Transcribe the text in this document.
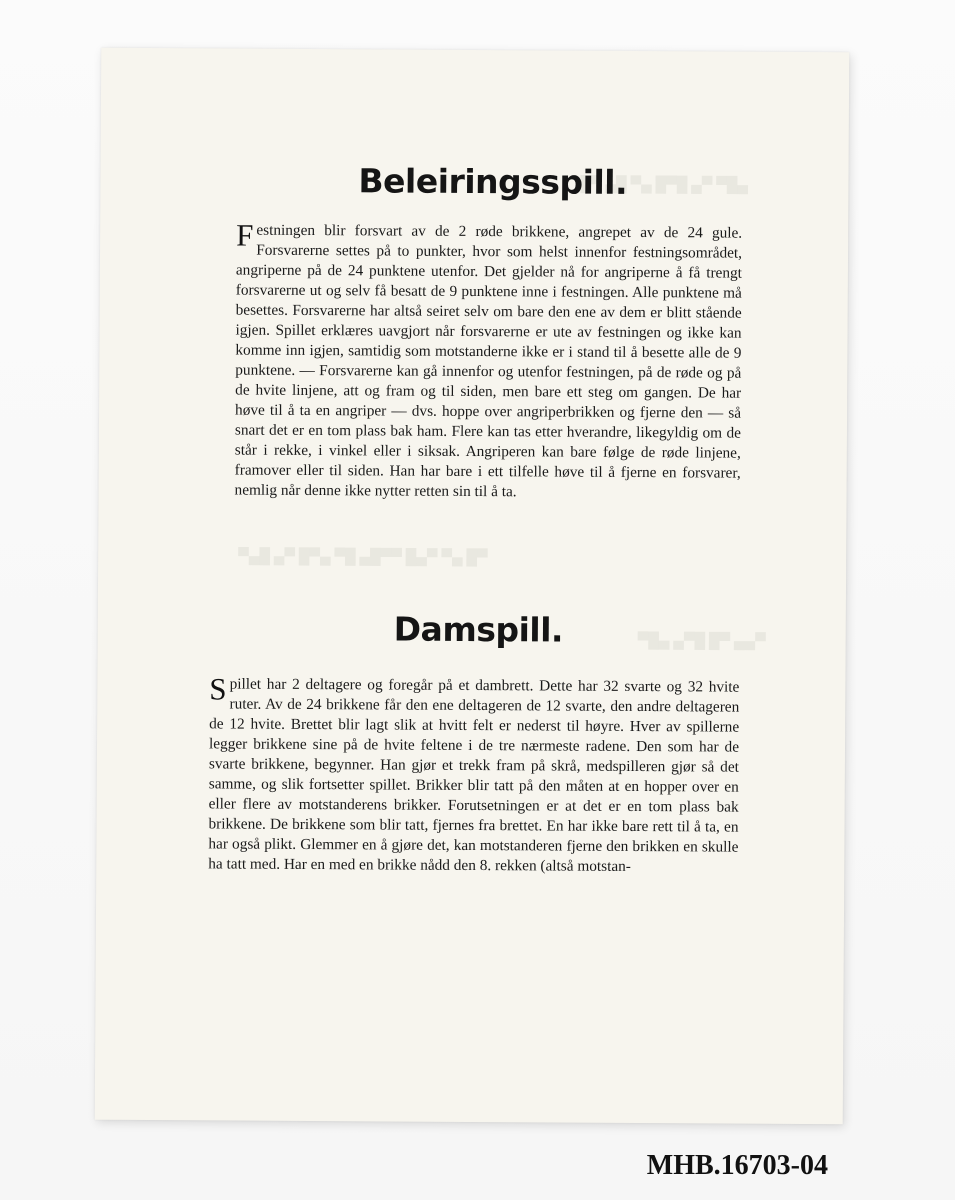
█▀ ▄█ ▀▄ █▀█ ▄▀ ▀█▄
▀▄█ ▄▀ █▀▄ ▀█ ▄█▀▀ █▄▀ ▀▄ █▀
▀█▄ ▄▀█ █▀ ▄▄▀
Beleiringsspill.

Festningen blir forsvart av de 2 røde brikkene, angrepet av de 24 gule. Forsvarerne settes på to punkter, hvor som helst innenfor festningsområdet, angriperne på de 24 punktene utenfor. Det gjelder nå for angriperne å få trengt forsvarerne ut og selv få besatt de 9 punktene inne i festningen. Alle punktene må besettes. Forsvarerne har altså seiret selv om bare den ene av dem er blitt stående igjen. Spillet erklæres uavgjort når forsvarerne er ute av festningen og ikke kan komme inn igjen, samtidig som motstanderne ikke er i stand til å besette alle de 9 punktene. — Forsvarerne kan gå innenfor og utenfor festningen, på de røde og på de hvite linjene, att og fram og til siden, men bare ett steg om gangen. De har høve til å ta en angriper — dvs. hoppe over angriperbrikken og fjerne den — så snart det er en tom plass bak ham. Flere kan tas etter hverandre, likegyldig om de står i rekke, i vinkel eller i siksak. Angriperen kan bare følge de røde linjene, framover eller til siden. Han har bare i ett tilfelle høve til å fjerne en forsvarer, nemlig når denne ikke nytter retten sin til å ta.

Damspill.

Spillet har 2 deltagere og foregår på et dambrett. Dette har 32 svarte og 32 hvite ruter. Av de 24 brikkene får den ene deltageren de 12 svarte, den andre deltageren de 12 hvite. Brettet blir lagt slik at hvitt felt er nederst til høyre. Hver av spillerne legger brikkene sine på de hvite feltene i de tre nærmeste radene. Den som har de svarte brikkene, begynner. Han gjør et trekk fram på skrå, medspilleren gjør så det samme, og slik fortsetter spillet. Brikker blir tatt på den måten at en hopper over en eller flere av motstanderens brikker. Forutsetningen er at det er en tom plass bak brikkene. De brikkene som blir tatt, fjernes fra brettet. En har ikke bare rett til å ta, en har også plikt. Glemmer en å gjøre det, kan motstanderen fjerne den brikken en skulle ha tatt med. Har en med en brikke nådd den 8. rekken (altså motstan-

MHB.16703-04
